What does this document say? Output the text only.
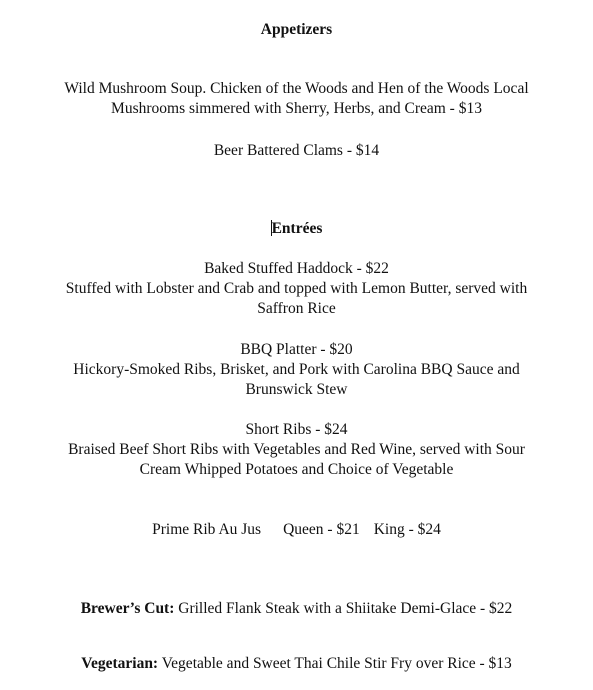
Appetizers
Wild Mushroom Soup. Chicken of the Woods and Hen of the Woods Local
Mushrooms simmered with Sherry, Herbs, and Cream - $13
Beer Battered Clams - $14
Entrées
Baked Stuffed Haddock - $22
Stuffed with Lobster and Crab and topped with Lemon Butter, served with
Saffron Rice
BBQ Platter - $20
Hickory-Smoked Ribs, Brisket, and Pork with Carolina BBQ Sauce and
Brunswick Stew
Short Ribs - $24
Braised Beef Short Ribs with Vegetables and Red Wine, served with Sour
Cream Whipped Potatoes and Choice of Vegetable
Prime Rib Au Jus Queen - $21 King - $24
Brewer’s Cut: Grilled Flank Steak with a Shiitake Demi-Glace - $22
Vegetarian: Vegetable and Sweet Thai Chile Stir Fry over Rice - $13
